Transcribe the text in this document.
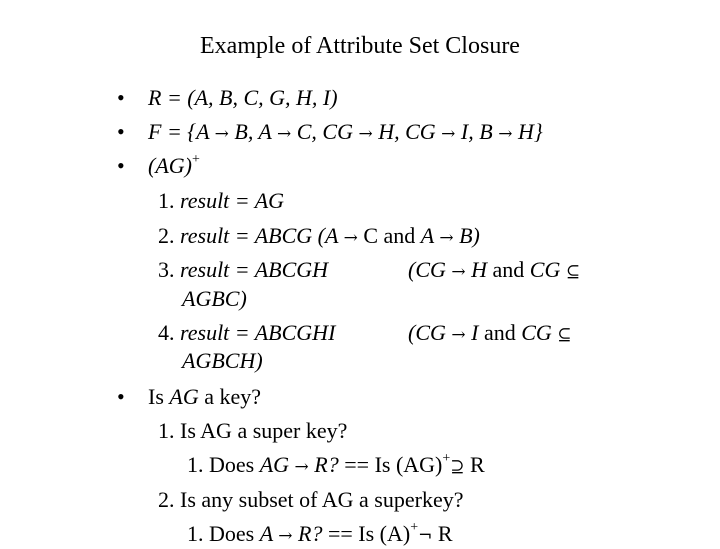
Example of Attribute Set Closure
• R = (A, B, C, G, H, I)
• F = {A → B, A → C, CG → H, CG → I, B → H}
• (AG)+
1. result = AG
2. result = ABCG (A → C and A → B)
3. result = ABCGH	(CG → H and CG ⊆
AGBC)
4. result = ABCGHI	(CG → I and CG ⊆
AGBCH)
• Is AG a key?
1. Is AG a super key?
1. Does AG → R? == Is (AG)+⊇ R
2. Is any subset of AG a superkey?
1. Does A → R? == Is (A)+¬ R
